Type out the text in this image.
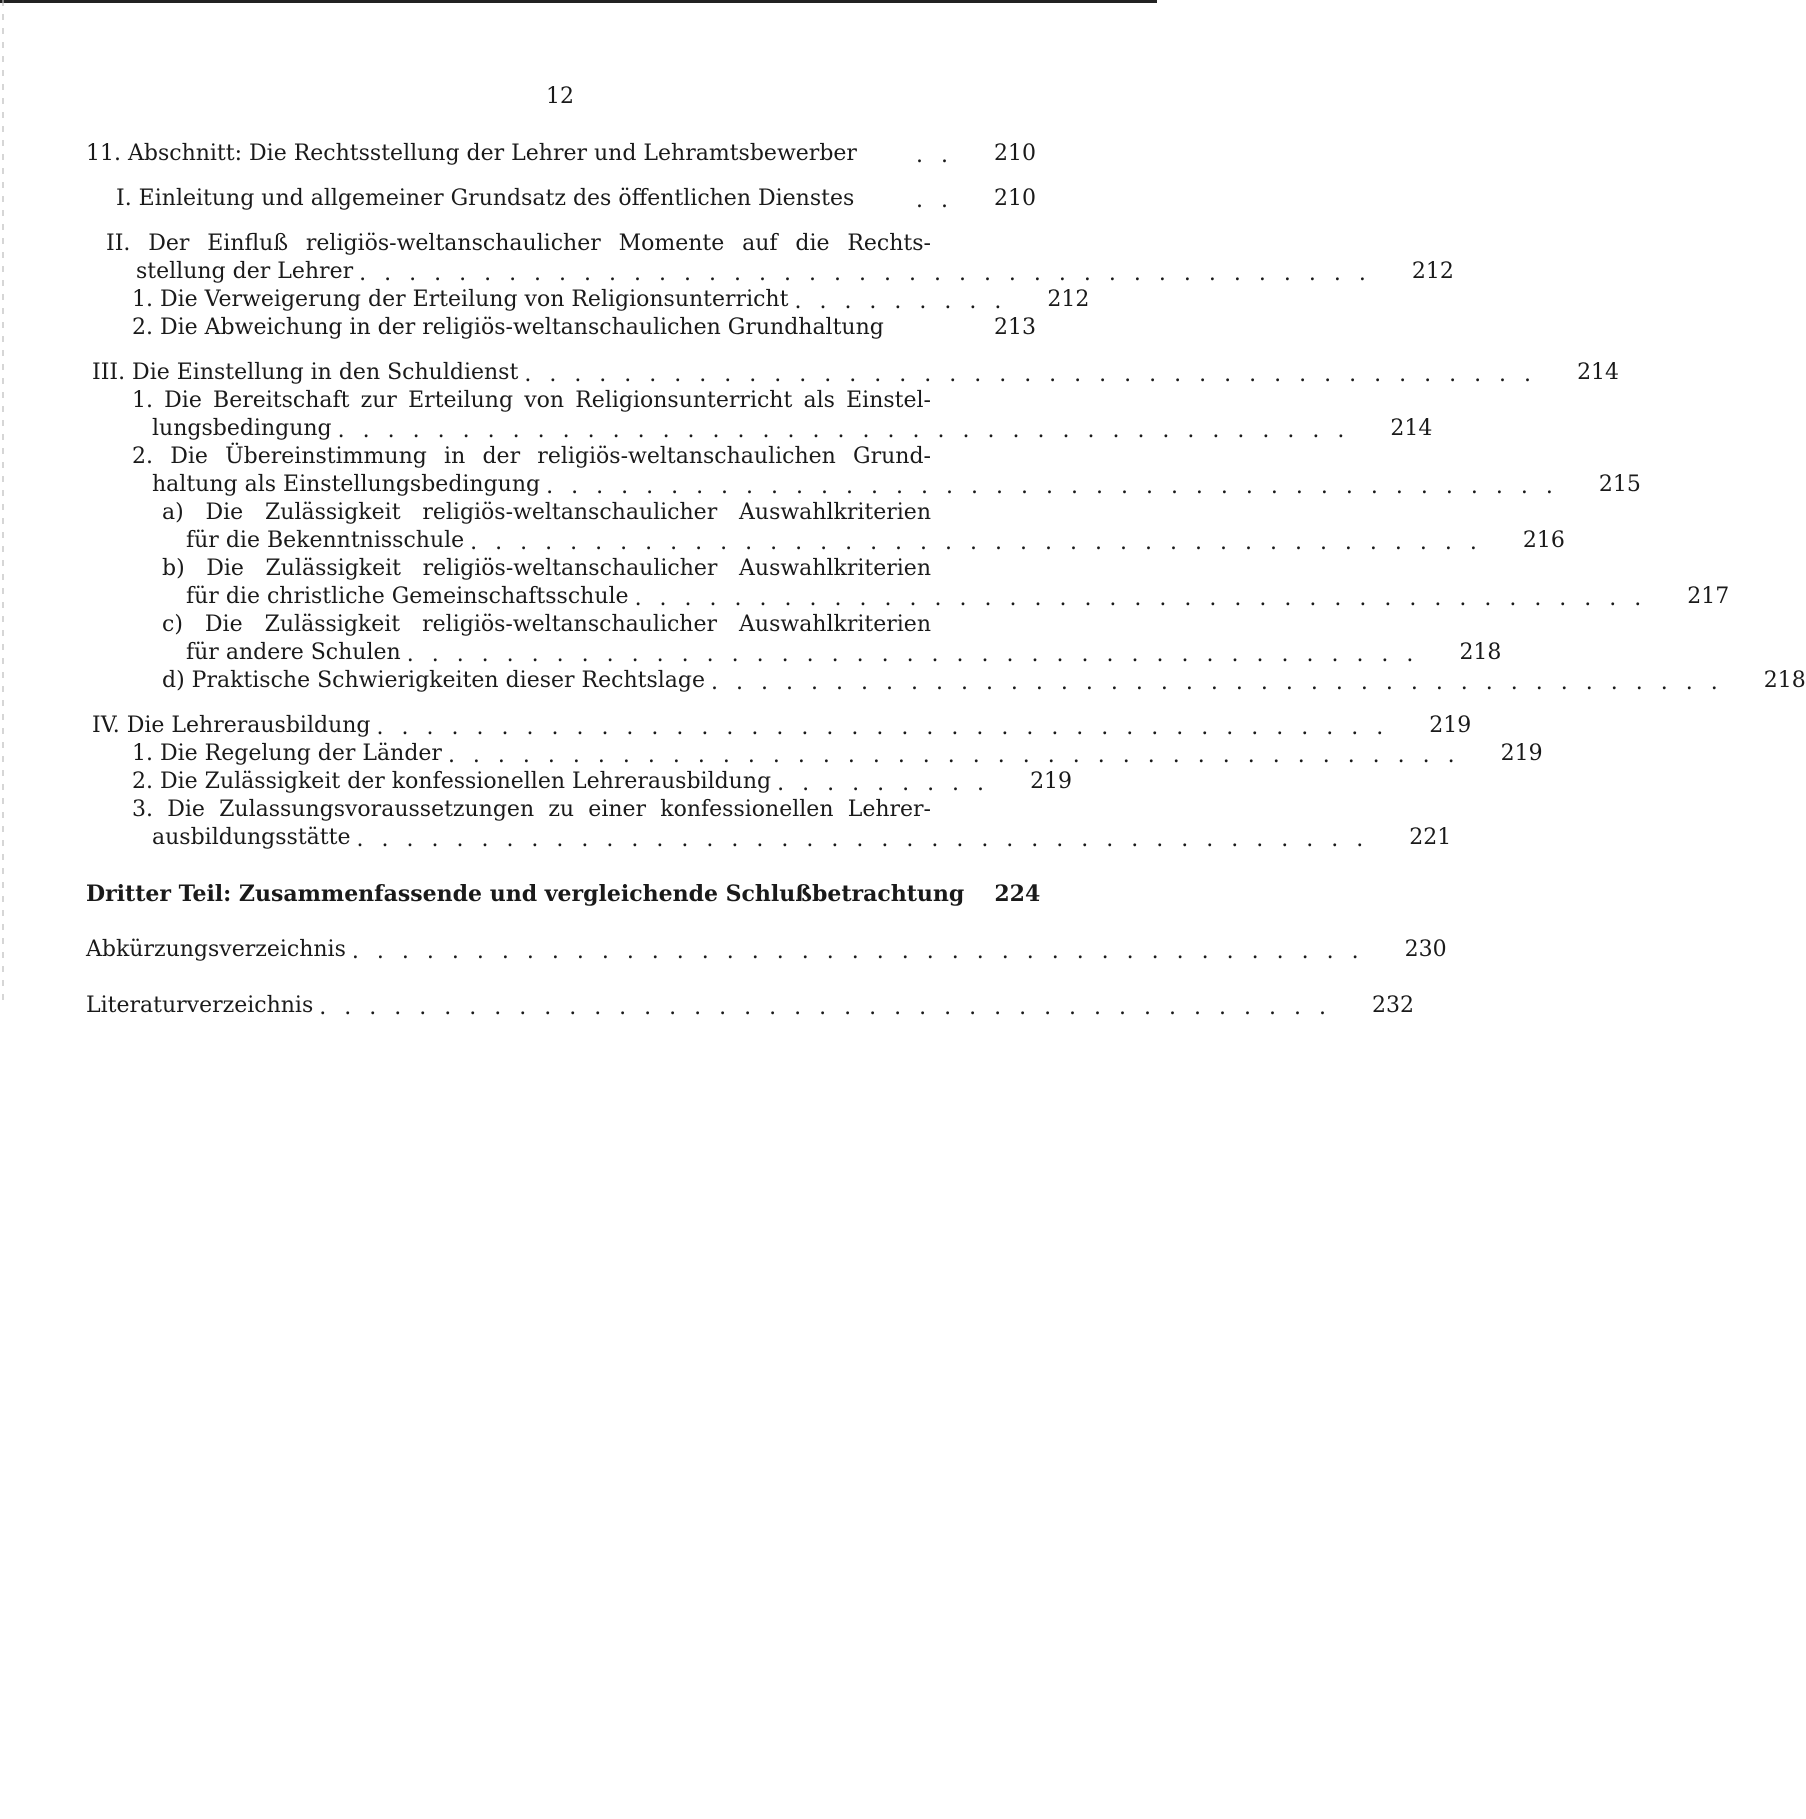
12
11. Abschnitt: Die Rechtsstellung der Lehrer und Lehramtsbewerber	..	210
I. Einleitung und allgemeiner Grundsatz des öffentlichen Dienstes	..	210
II. Der Einfluß religiös-weltanschaulicher Momente auf die Rechts-
stellung der Lehrer .........................................	212
1. Die Verweigerung der Erteilung von Religionsunterricht .........	212
2. Die Abweichung in der religiös-weltanschaulichen Grundhaltung	213
III. Die Einstellung in den Schuldienst .........................................	214
1. Die Bereitschaft zur Erteilung von Religionsunterricht als Einstel-
lungsbedingung .........................................	214
2. Die Übereinstimmung in der religiös-weltanschaulichen Grund-
haltung als Einstellungsbedingung .........................................	215
a) Die Zulässigkeit religiös-weltanschaulicher Auswahlkriterien
für die Bekenntnisschule .........................................	216
b) Die Zulässigkeit religiös-weltanschaulicher Auswahlkriterien
für die christliche Gemeinschaftsschule .........................................	217
c) Die Zulässigkeit religiös-weltanschaulicher Auswahlkriterien
für andere Schulen .........................................	218
d) Praktische Schwierigkeiten dieser Rechtslage .........................................	218
IV. Die Lehrerausbildung .........................................	219
1. Die Regelung der Länder .........................................	219
2. Die Zulässigkeit der konfessionellen Lehrerausbildung .........	219
3. Die Zulassungsvoraussetzungen zu einer konfessionellen Lehrer-
ausbildungsstätte .........................................	221
Dritter Teil: Zusammenfassende und vergleichende Schlußbetrachtung	224
Abkürzungsverzeichnis .........................................	230
Literaturverzeichnis .........................................	232
